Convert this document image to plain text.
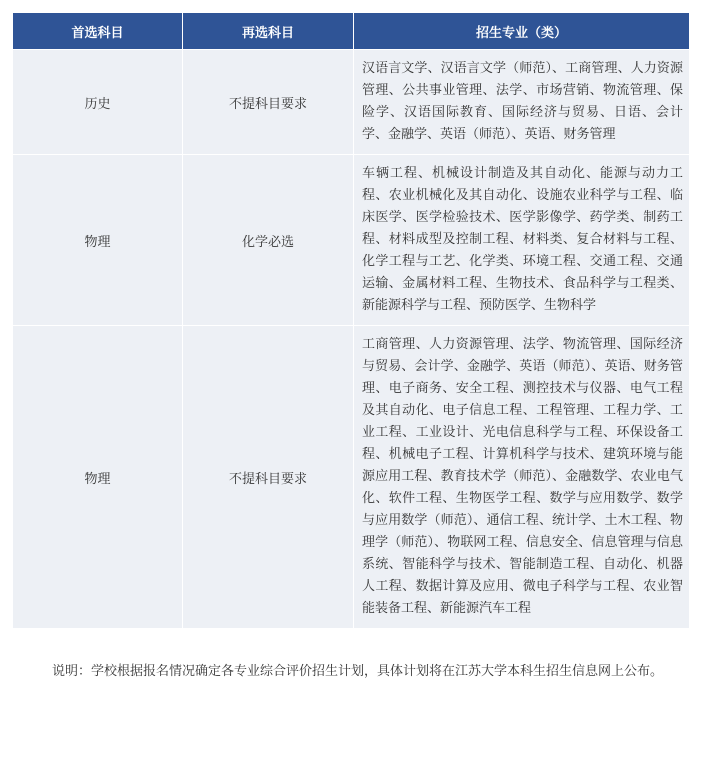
首选科目	再选科目	招生专业（类）
历史	不提科目要求	汉语言文学、汉语言文学（师范）、工商管理、人力资源管理、公共事业管理、法学、市场营销、物流管理、保险学、汉语国际教育、国际经济与贸易、日语、会计学、金融学、英语（师范）、英语、财务管理
物理	化学必选	车辆工程、机械设计制造及其自动化、能源与动力工程、农业机械化及其自动化、设施农业科学与工程、临床医学、医学检验技术、医学影像学、药学类、制药工程、材料成型及控制工程、材料类、复合材料与工程、化学工程与工艺、化学类、环境工程、交通工程、交通运输、金属材料工程、生物技术、食品科学与工程类、新能源科学与工程、预防医学、生物科学
物理	不提科目要求	工商管理、人力资源管理、法学、物流管理、国际经济与贸易、会计学、金融学、英语（师范）、英语、财务管理、电子商务、安全工程、测控技术与仪器、电气工程及其自动化、电子信息工程、工程管理、工程力学、工业工程、工业设计、光电信息科学与工程、环保设备工程、机械电子工程、计算机科学与技术、建筑环境与能源应用工程、教育技术学（师范）、金融数学、农业电气化、软件工程、生物医学工程、数学与应用数学、数学与应用数学（师范）、通信工程、统计学、土木工程、物理学（师范）、物联网工程、信息安全、信息管理与信息系统、智能科学与技术、智能制造工程、自动化、机器人工程、数据计算及应用、微电子科学与工程、农业智能装备工程、新能源汽车工程

说明：学校根据报名情况确定各专业综合评价招生计划，具体计划将在江苏大学本科生招生信息网上公布。
